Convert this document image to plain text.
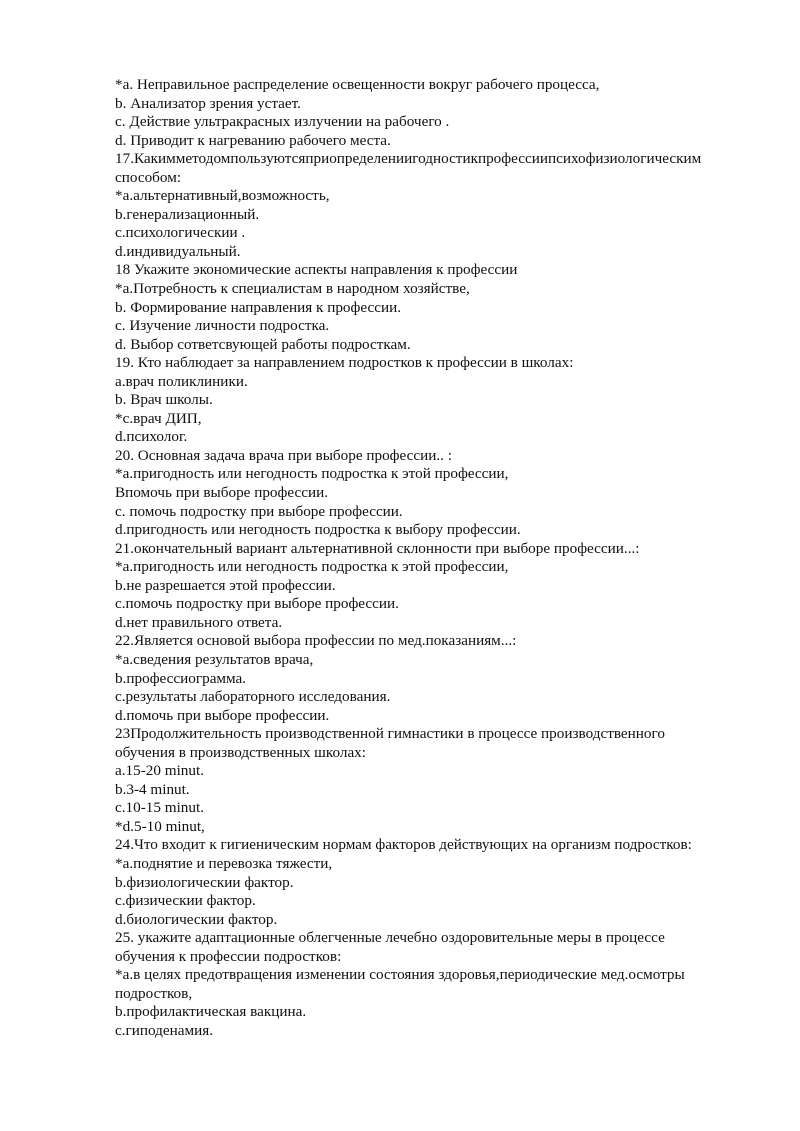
*a. Неправильное распределение освещенности вокруг рабочего процесса,
b. Анализатор зрения устает.
c. Действие ультракрасных излучении на рабочего .
d. Приводит к нагреванию рабочего места.
17.Какимметодомпользуютсяприопределениигодностикпрофессиипсихофизиологическим
способом:
*a.альтернативный,возможность,
b.генерализационный.
c.психологическии .
d.индивидуальный.
18 Укажите экономические аспекты направления к профессии
*a.Потребность к специалистам в народном хозяйстве,
b. Формирование направления к профессии.
c. Изучение личности подростка.
d. Выбор сответсвующей работы подросткам.
19. Кто наблюдает за направлением подростков к профессии в школах:
a.врач поликлиники.
b. Врач школы.
*c.врач ДИП,
d.психолог.
20. Основная задача врача при выборе профессии.. :
*a.пригодность или негодность подростка к этой профессии,
Впомочь при выборе профессии.
c. помочь подростку при выборе профессии.
d.пригодность или негодность подростка к выбору профессии.
21.окончательный вариант альтернативной склонности при выборе профессии...:
*a.пригодность или негодность подростка к этой профессии,
b.не разрешается этой профессии.
c.помочь подростку при выборе профессии.
d.нет правильного ответа.
22.Является основой выбора профессии по мед.показаниям...:
*a.сведения результатов врача,
b.профессиограмма.
c.результаты лабораторного исследования.
d.помочь при выборе профессии.
23Продолжительность производственной гимнастики в процессе производственного
обучения в производственных школах:
a.15-20 minut.
b.3-4 minut.
c.10-15 minut.
*d.5-10 minut,
24.Что входит к гигиеническим нормам факторов действующих на организм подростков:
*a.поднятие и перевозка тяжести,
b.физиологическии фактор.
c.физическии фактор.
d.биологическии фактор.
25. укажите адаптационные облегченные лечебно оздоровительные меры в процессе
обучения к профессии подростков:
*a.в целях предотвращения изменении состояния здоровья,периодические мед.осмотры
подростков,
b.профилактическая вакцина.
c.гиподенамия.
